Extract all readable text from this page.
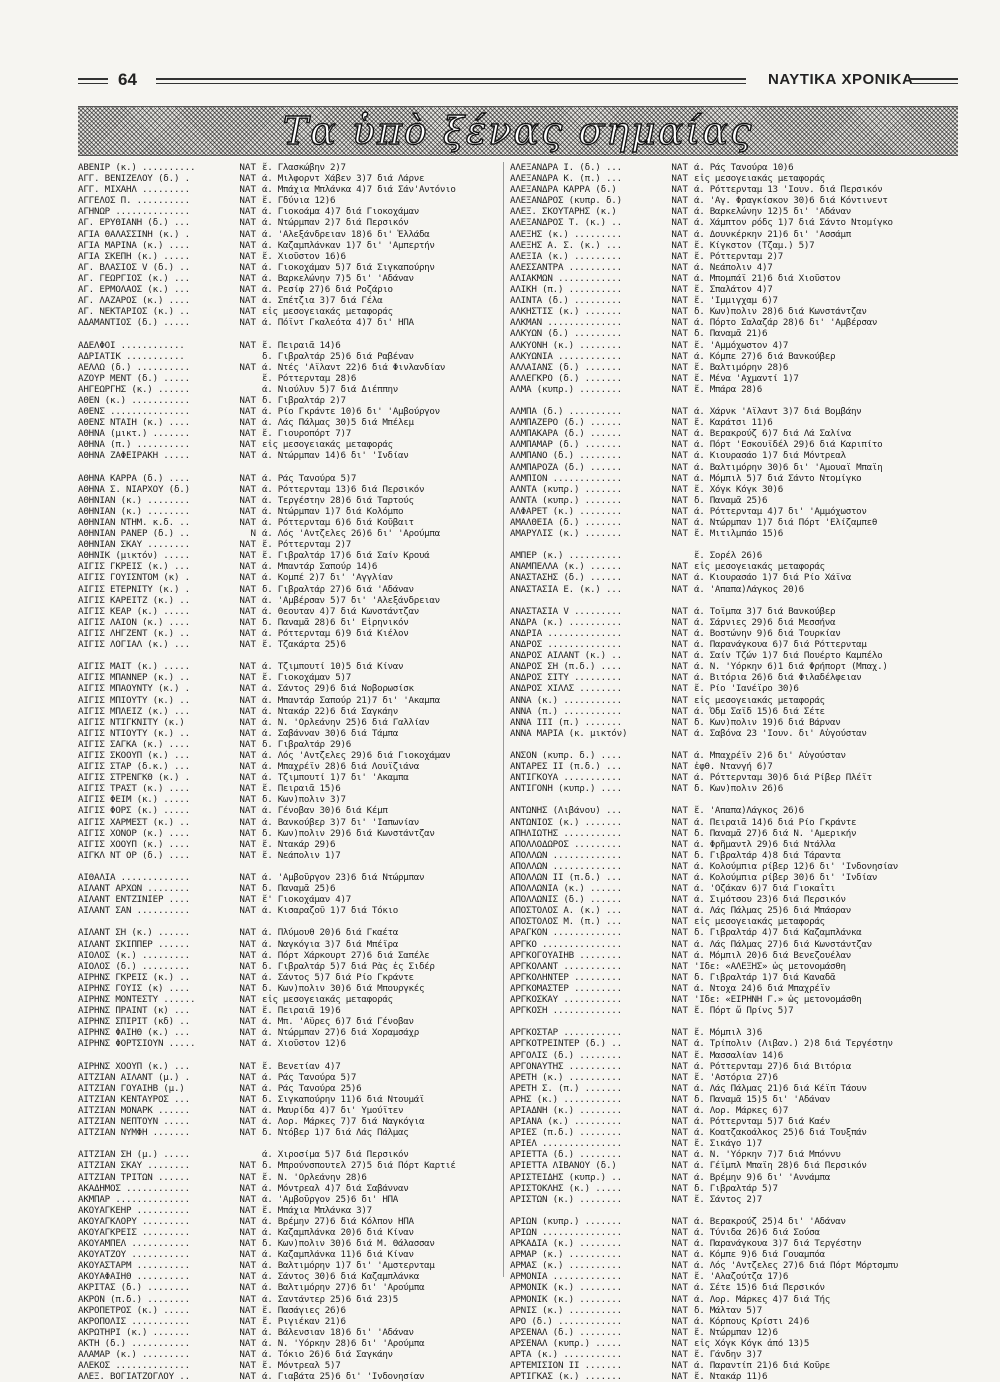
64	ΝΑΥΤΙΚΑ ΧΡΟΝΙΚΑ
Τα ὑπὸ ξένας σημαίας
ΑΒΕΝΙΡ (κ.) ..........	ΝΑΤ ἔ. Γλασκώβην 2)7
ΑΓΓ. ΒΕΝΙΖΕΛΟΥ (δ.) .	ΝΑΤ ά. Μιλφορντ Χάβεν 3)7 διά Λάρνε
ΑΓΓ. ΜΙΧΑΗΛ .........	ΝΑΤ ά. Μπάχια Μπλάνκα 4)7 διά Σάν'Αντόνιο
ΑΓΓΕΛΟΣ Π. ..........	ΝΑΤ ἔ. Γδύνια 12)6
ΑΓΗΝΩΡ ..............	ΝΑΤ ά. Γιοκοάμα 4)7 διά Γιοκοχάμαν
ΑΓ. ΕΡΥΘΙΑΝΗ (δ.) ...	ΝΑΤ ά. Ντώρμπαν 2)7 διά Περσικόν
ΑΓΙΑ ΘΑΛΑΣΣΙΝΗ (κ.) .	ΝΑΤ ά. 'Αλεξάνδρειαν 18)6 δι' Ἑλλάδα
ΑΓΙΑ ΜΑΡΙΝΑ (κ.) ....	ΝΑΤ ά. Καζαμπλάνκαν 1)7 δι' 'Αμπερτήν
ΑΓΙΑ ΣΚΕΠΗ (κ.) .....	ΝΑΤ ἔ. Χιοῦστον 16)6
ΑΓ. ΒΛΑΣΙΟΣ V (δ.) ..	ΝΑΤ ά. Γιοκοχάμαν 5)7 διά Σιγκαπούρην
ΑΓ. ΓΕΩΡΓΙΟΣ (κ.) ...	ΝΑΤ ά. Βαρκελώνην 7)5 δι' 'Αδάναν
ΑΓ. ΕΡΜΟΛΑΟΣ (κ.) ...	ΝΑΤ ά. Ρεσίφ 27)6 διά Ροζάριο
ΑΓ. ΛΑΖΑΡΟΣ (κ.) ....	ΝΑΤ ά. Σπέτζια 3)7 διά Γέλα
ΑΓ. ΝΕΚΤΑΡΙΟΣ (κ.) ..	ΝΑΤ εἰς μεσογειακάς μεταφοράς
ΑΔΑΜΑΝΤΙΟΣ (δ.) .....	ΝΑΤ ά. Πόϊντ Γκαλεότα 4)7 δι' ΗΠΑ
ΑΔΕΛΦΟΙ ............	ΝΑΤ ἔ. Πειραιᾶ 14)6
ΑΔΡΙΑΤΙΚ ...........	δ. Γιβραλτάρ 25)6 διά Ραβέναν
ΑΕΛΛΩ (δ.) ..........	ΝΑΤ ά. Ντές 'Αϊλαντ 22)6 διά Φινλανδίαν
ΑΖΟΥΡ ΜΕΝΤ (δ.) .....	ἔ. Ρόττερνταμ 28)6
ΑΗΓΕΩΡΓΗΣ (κ.) ......	ά. Νιούλυν 5)7 διά Διέππην
ΑΘΕΝ (κ.) ...........	ΝΑΤ δ. Γιβραλτάρ 2)7
ΑΘΕΝΣ ...............	ΝΑΤ ά. Ρίο Γκράντε 10)6 δι' 'Αμβούργον
ΑΘΕΝΣ ΝΤΑΙΗ (κ.) ....	ΝΑΤ ά. Λάς Πάλμας 30)5 διά Μπέλεμ
ΑΘΗΝΑ (μικτ.) .......	ΝΑΤ ἔ. Γιουροπόρτ 7)7
ΑΘΗΝΑ (π.) ..........	ΝΑΤ εἰς μεσογειακάς μεταφοράς
ΑΘΗΝΑ ΖΑΦΕΙΡΑΚΗ .....	ΝΑΤ ά. Ντώρμπαν 14)6 δι' 'Ινδίαν
ΑΘΗΝΑ ΚΑΡΡΑ (δ.) ....	ΝΑΤ ά. Ράς Τανούρα 5)7
ΑΘΗΝΑ Σ. ΝΙΑΡΧΟΥ (δ.)	ΝΑΤ ά. Ρόττερνταμ 13)6 διά Περσικόν
ΑΘΗΝΙΑΝ (κ.) ........	ΝΑΤ ά. Τεργέστην 28)6 διά Ταρτούς
ΑΘΗΝΙΑΝ (κ.) ........	ΝΑΤ ά. Ντώρμπαν 1)7 διά Κολόμπο
ΑΘΗΝΙΑΝ ΝΤΗΜ. κ.δ. ..	ΝΑΤ ά. Ρόττερνταμ 6)6 διά Κοῦβαιτ
ΑΘΗΝΙΑΝ ΡΑΝΕΡ (δ.) ..	Ν ά. Λός 'Αντζελες 26)6 δι' 'Αρούμπα
ΑΘΗΝΙΑΝ ΣΚΑΥ ........	ΝΑΤ ἔ. Ρόττερνταμ 2)7
ΑΘΗΝΙΚ (μικτόν) .....	ΝΑΤ ἔ. Γιβραλτάρ 17)6 διά Σαίν Κρουά
ΑΙΓΙΣ ΓΚΡΕΙΣ (κ.) ...	ΝΑΤ ά. Μπαντάρ Σαπούρ 14)6
ΑΙΓΙΣ ΓΟΥΙΣΝΤΟΜ (κ) .	ΝΑΤ ά. Κομπέ 2)7 δι' 'Αγγλίαν
ΑΙΓΙΣ ΕΤΕΡΝΙΤΥ (κ.) .	ΝΑΤ δ. Γιβραλτάρ 27)6 διά 'Αδάναν
ΑΙΓΙΣ ΚΑΡΕΙΤΖ (κ.) ..	ΝΑΤ ά. 'Αμβέρσαν 5)7 δι' 'Αλεξάνδρειαν
ΑΙΓΙΣ ΚΕΑΡ (κ.) .....	ΝΑΤ ά. Θεουταν 4)7 διά Κωνστάντζαν
ΑΙΓΙΣ ΛΑΙΟΝ (κ.) ....	ΝΑΤ δ. Παναμᾶ 28)6 δι' Εἰρηνικόν
ΑΙΓΙΣ ΛΗΓΖΕΝΤ (κ.) ..	ΝΑΤ ά. Ρόττερνταμ 6)9 διά Κιέλον
ΑΙΓΙΣ ΛΟΓΙΑΛ (κ.) ...	ΝΑΤ ἔ. Τζακάρτα 25)6
ΑΙΓΙΣ ΜΑΙΤ (κ.) .....	ΝΑΤ ά. Τζιμπουτί 10)5 διά Κίναν
ΑΙΓΙΣ ΜΠΑΝΝΕΡ (κ.) ..	ΝΑΤ ἔ. Γιοκοχάμαν 5)7
ΑΙΓΙΣ ΜΠΑΟΥΝΤΥ (κ.) .	ΝΑΤ ά. Σάντος 29)6 διά Νοβορωσίσκ
ΑΙΓΙΣ ΜΠΙΟΥΤΥ (κ.) ..	ΝΑΤ ά. Μπαντάρ Σαπούρ 21)7 δι' 'Ακαμπα
ΑΙΓΙΣ ΜΠΛΕΙΖ (κ.) ...	ΝΑΤ ά. Ντακάρ 22)6 διά Σαγκάην
ΑΙΓΙΣ ΝΤΙΓΚΝΙΤΥ (κ.)	ΝΑΤ ά. Ν. 'Ορλεάνην 25)6 διά Γαλλίαν
ΑΙΓΙΣ ΝΤΙΟΥΤΥ (κ.) ..	ΝΑΤ ά. Σαβάνναν 30)6 διά Τάμπα
ΑΙΓΙΣ ΣΑΓΚΑ (κ.) ....	ΝΑΤ δ. Γιβραλτάρ 29)6
ΑΙΓΙΣ ΣΚΟΟΥΠ (κ.) ...	ΝΑΤ ά. Λός 'Αντζελες 29)6 διά Γιοκοχάμαν
ΑΙΓΙΣ ΣΤΑΡ (δ.κ.) ...	ΝΑΤ ά. Μπαχρέϊν 28)6 διά Λουϊζιάνα
ΑΙΓΙΣ ΣΤΡΕΝΓΚΘ (κ.) .	ΝΑΤ ά. Τζιμπουτί 1)7 δι' 'Ακαμπα
ΑΙΓΙΣ ΤΡΑΣΤ (κ.) ....	ΝΑΤ ἔ. Πειραιᾶ 15)6
ΑΙΓΙΣ ΦΕΙΜ (κ.) .....	ΝΑΤ δ. Κων)πολιν 3)7
ΑΙΓΙΣ ΦΟΡΣ (κ.) .....	ΝΑΤ ά. Γένοβαν 30)6 διά Κέμπ
ΑΙΓΙΣ ΧΑΡΜΕΣΤ (κ.) ..	ΝΑΤ ά. Βανκούβερ 3)7 δι' 'Ιαπωνίαν
ΑΙΓΙΣ ΧΟΝΟΡ (κ.) ....	ΝΑΤ δ. Κων)πολιν 29)6 διά Κωνστάντζαν
ΑΙΓΙΣ ΧΟΟΥΠ (κ.) ....	ΝΑΤ ἔ. Ντακάρ 29)6
ΑΙΓΚΛ ΝΤ ΟΡ (δ.) ....	ΝΑΤ ἔ. Νεάπολιν 1)7
ΑΙΘΑΛΙΑ .............	ΝΑΤ ά. 'Αμβοῦργον 23)6 διά Ντώρμπαν
ΑΙΛΑΝΤ ΑΡΧΩΝ ........	ΝΑΤ δ. Παναμᾶ 25)6
ΑΙΛΑΝΤ ΕΝΤΖΙΝΙΕΡ ....	ΝΑΤ ἔ' Γιοκοχάμαν 4)7
ΑΙΛΑΝΤ ΣΑΝ ..........	ΝΑΤ ά. Κισαραζοῦ 1)7 διά Τόκιο
ΑΙΛΑΝΤ ΣΗ (κ.) ......	ΝΑΤ ά. Πλύμουθ 20)6 διά Γκαέτα
ΑΙΛΑΝΤ ΣΚΙΠΠΕΡ ......	ΝΑΤ ά. Ναγκόγια 3)7 διά Μπέϊρα
ΑΙΟΛΟΣ (κ.) .........	ΝΑΤ ά. Πόρτ Χάρκουρτ 27)6 διά Σαπέλε
ΑΙΟΛΟΣ (δ.) .........	ΝΑΤ δ. Γιβραλτάρ 5)7 διά Ρὰς ἐς Σιδέρ
ΑΙΡΗΝΣ ΓΚΡΕΙΣ (κ.) ..	ΝΑΤ ά. Σάντος 5)7 διά Ρίο Γκράντε
ΑΙΡΗΝΣ ΓΟΥΙΣ (κ) ....	ΝΑΤ δ. Κων)πολιν 30)6 διά Μπουργκές
ΑΙΡΗΝΣ ΜΟΝΤΕΣΤΥ ......	ΝΑΤ εἰς μεσογειακάς μεταφοράς
ΑΙΡΗΝΣ ΠΡΑΙΝΤ (κ) ...	ΝΑΤ ἔ. Πειραιᾶ 19)6
ΑΙΡΗΝΣ ΣΠΙΡΙΤ (κδ) ..	ΝΑΤ ά. Μπ. 'Αϋρες 6)7 διά Γένοβαν
ΑΙΡΗΝΣ ΦΑΙΗΘ (κ.) ...	ΝΑΤ ά. Ντώρμπαν 27)6 διά Χοραμσάχρ
ΑΙΡΗΝΣ ΦΟΡΤΣΙΟΥΝ .....	ΝΑΤ ά. Χιοῦστον 12)6
ΑΙΡΗΝΣ ΧΟΟΥΠ (κ.) ...	ΝΑΤ ἔ. Βενετίαν 4)7
ΑΙΤΖΙΑΝ ΑΙΛΑΝΤ (μ.) .	ΝΑΤ ά. Ράς Τανούρα 5)7
ΑΙΤΖΙΑΝ ΓΟΥΑΙΗΒ (μ.)	ΝΑΤ ά. Ράς Τανούρα 25)6
ΑΙΤΖΙΑΝ ΚΕΝΤΑΥΡΟΣ ...	ΝΑΤ δ. Σιγκαπούρην 11)6 διά Ντουμάϊ
ΑΙΤΖΙΑΝ ΜΟΝΑΡΚ ......	ΝΑΤ ά. Μαυρίδα 4)7 δι' Υμούϊτεν
ΑΙΤΖΙΑΝ ΝΕΠΤΟΥΝ .....	ΝΑΤ ά. Λορ. Μάρκες 7)7 διά Ναγκόγια
ΑΙΤΖΙΑΝ ΝΥΜΦΗ .......	ΝΑΤ δ. Ντόβερ 1)7 διά Λάς Πάλμας
ΑΙΤΖΙΑΝ ΣΗ (μ.) .....	ά. Χιροσίμα 5)7 διά Περσικόν
ΑΙΤΖΙΑΝ ΣΚΑΥ ........	ΝΑΤ δ. Μπρούνσπουτελ 27)5 διά Πόρτ Καρτιέ
ΑΙΤΖΙΑΝ ΤΡΙΤΩΝ ......	ΝΑΤ ἔ. Ν. 'Ορλεάνην 28)6
ΑΚΑΔΗΜΟΣ ............	ΝΑΤ ά. Μόντρεαλ 4)7 διά Σαβάνναν
ΑΚΜΠΑΡ ..............	ΝΑΤ ά. 'Αμβοῦργον 25)6 δι' ΗΠΑ
ΑΚΟΥΑΓΚΕΗΡ ..........	ΝΑΤ ἔ. Μπάχια Μπλάνκα 3)7
ΑΚΟΥΑΓΚΛΟΡΥ .........	ΝΑΤ ά. Βρέμην 27)6 διά Κόλπον ΗΠΑ
ΑΚΟΥΑΓΚΡΕΙΣ .........	ΝΑΤ ά. Καζαμπλάνκα 20)6 διά Κίναν
ΑΚΟΥΑΜΠΕΛ ...........	ΝΑΤ δ. Κων)πολιν 30)6 διά Μ. Θάλασσαν
ΑΚΟΥΑΤΖΟΥ ...........	ΝΑΤ ά. Καζαμπλάνκα 11)6 διά Κίναν
ΑΚΟΥΑΣΤΑΡΜ ..........	ΝΑΤ ά. Βαλτιμόρην 1)7 δι' 'Αμστερνταμ
ΑΚΟΥΑΦΑΙΗΘ ..........	ΝΑΤ ά. Σάντος 30)6 διά Καζαμπλάνκα
ΑΚΡΙΤΑΣ (δ.) ........	ΝΑΤ ά. Βαλτιμόρην 27)6 δι' 'Αρούμπα
ΑΚΡΟΝ (π.δ.) ........	ΝΑΤ ά. Σαντάντερ 25)6 διά 23)5
ΑΚΡΟΠΕΤΡΟΣ (κ.) .....	ΝΑΤ ἔ. Πασάγιες 26)6
ΑΚΡΟΠΟΛΙΣ ...........	ΝΑΤ ἔ. Ριγιέκαν 21)6
ΑΚΡΩΤΗΡΙ (κ.) .......	ΝΑΤ ά. Βάλενσιαν 18)6 δι' 'Αδάναν
ΑΚΤΗ (δ.) ...........	ΝΑΤ ά. Ν. 'Υόρκην 28)6 δι' 'Αρούμπα
ΑΛΑΜΑΡ (κ.) .........	ΝΑΤ ά. Τόκιο 26)6 διά Σαγκάην
ΑΛΕΚΟΣ ..............	ΝΑΤ ἔ. Μόντρεαλ 5)7
ΑΛΕΞ. ΒΟΓΙΑΤΖΟΓΛΟΥ ..	ΝΑΤ ά. Γιαβάτα 25)6 δι' 'Ινδονησίαν
ΑΛΕΞΑΝΔΡΑ Ι. (δ.) ...	ΝΑΤ ά. Ράς Τανούρα 10)6
ΑΛΕΞΑΝΔΡΑ Κ. (π.) ...	ΝΑΤ εἰς μεσογειακάς μεταφοράς
ΑΛΕΞΑΝΔΡΑ ΚΑΡΡΑ (δ.)	ΝΑΤ ά. Ρόττερνταμ 13 'Ιουν. διά Περσικόν
ΑΛΕΞΑΝΔΡΟΣ (κυπρ. δ.)	ΝΑΤ ά. 'Αγ. Φραγκίσκον 30)6 διά Κόντινεντ
ΑΛΕΞ. ΣΚΟΥΤΑΡΗΣ (κ.)	ΝΑΤ ά. Βαρκελώνην 12)5 δι' 'Αδάναν
ΑΛΕΞΑΝΔΡΟΣ Τ. (κ.) ..	ΝΑΤ ά. Χάμπτον ρόδς 1)7 διά Σάντο Ντομίγκο
ΑΛΕΞΗΣ (κ.) .........	ΝΑΤ ά. Δουνκέρκην 21)6 δι' 'Ασσάμπ
ΑΛΕΞΗΣ Α. Σ. (κ.) ...	ΝΑΤ ἔ. Κίγκστον (Τζαμ.) 5)7
ΑΛΕΞΙΑ (κ.) .........	ΝΑΤ ἔ. Ρόττερνταμ 2)7
ΑΛΕΣΣΑΝΤΡΑ ..........	ΝΑΤ ά. Νεάπολιν 4)7
ΑΛΙΑΚΜΩΝ ............	ΝΑΤ ά. Μπομπάϊ 21)6 διά Χιοῦστον
ΑΛΙΚΗ (π.) ..........	ΝΑΤ ἔ. Σπαλάτον 4)7
ΑΛΙΝΤΑ (δ.) .........	ΝΑΤ ἔ. 'Ιμμιγχαμ 6)7
ΑΛΚΗΣΤΙΣ (κ.) .......	ΝΑΤ δ. Κων)πολιν 28)6 διά Κωνστάντζαν
ΑΛΚΜΑΝ ..............	ΝΑΤ ά. Πόρτο Σαλαζάρ 28)6 δι' 'Αμβέρσαν
ΑΛΚΥΩΝ (δ.) .........	ΝΑΤ δ. Παναμᾶ 21)6
ΑΛΚΥΟΝΗ (κ.) ........	ΝΑΤ ἔ. 'Αμμόχωστον 4)7
ΑΛΚΥΩΝΙΑ ............	ΝΑΤ ά. Κόμπε 27)6 διά Βανκούβερ
ΑΛΛΑΙΑΝΣ (δ.) .......	ΝΑΤ ἔ. Βαλτιμόρην 28)6
ΑΛΛΕΓΚΡΟ (δ.) .......	ΝΑΤ ἔ. Μένα 'Αχμαντί 1)7
ΑΛΜΑ (κυπρ.) ........	ΝΑΤ ἔ. Μπάρα 28)6
ΑΛΜΠΑ (δ.) ..........	ΝΑΤ ά. Χάρνκ 'Αϊλαντ 3)7 διά Βομβάην
ΑΛΜΠΑΖΕΡΟ (δ.) ......	ΝΑΤ ἔ. Καράτσι 11)6
ΑΛΜΠΑΚΑΡΑ (δ.) ......	ΝΑΤ ά. Βερακρούζ 6)7 διά Λά Σαλίνα
ΑΛΜΠΑΜΑΡ (δ.) .......	ΝΑΤ ά. Πόρτ 'Εσκουϊδέλ 29)6 διά Καριπίτο
ΑΛΜΠΑΝΟ (δ.) ........	ΝΑΤ ά. Κιουρασάο 1)7 διά Μόντρεαλ
ΑΛΜΠΑΡΟΖΑ (δ.) ......	ΝΑΤ ά. Βαλτιμόρην 30)6 δι' 'Αμουαϊ Μπαϊη
ΑΛΜΠΙΟΝ .............	ΝΑΤ ά. Μόμπιλ 5)7 διά Σάντο Ντομίγκο
ΑΛΝΤΑ (κυπρ.) .......	ΝΑΤ ἔ. Χόγκ Κόγκ 30)6
ΑΛΝΤΑ (κυπρ.) .......	ΝΑΤ δ. Παναμᾶ 25)6
ΑΛΦΑΡΕΤ (κ.) ........	ΝΑΤ ά. Ρόττερνταμ 4)7 δι' 'Αμμόχωστον
ΑΜΑΛΘΕΙΑ (δ.) .......	ΝΑΤ ά. Ντώρμπαν 1)7 διά Πόρτ 'Ελίζαμπεθ
ΑΜΑΡΥΛΙΣ (κ.) .......	ΝΑΤ ἔ. Μιτιλμπάο 15)6
ΑΜΠΕΡ (κ.) ..........	ἔ. Σορέλ 26)6
ΑΝΑΜΠΕΛΛΑ (κ.) ......	ΝΑΤ εἰς μεσογειακάς μεταφοράς
ΑΝΑΣΤΑΣΗΣ (δ.) ......	ΝΑΤ ά. Κιουρασάο 1)7 διά Ρίο Χάϊνα
ΑΝΑΣΤΑΣΙΑ Ε. (κ.) ...	ΝΑΤ ά. 'Απαπα)Λάγκος 20)6
ΑΝΑΣΤΑΣΙΑ V .........	ΝΑΤ ά. Τοϊμπα 3)7 διά Βανκούβερ
ΑΝΔΡΑ (κ.) ..........	ΝΑΤ ά. Σάρνιες 29)6 διά Μεσσήνα
ΑΝΔΡΙΑ ..............	ΝΑΤ ά. Βοστώνην 9)6 διά Τουρκίαν
ΑΝΔΡΟΣ ..............	ΝΑΤ ά. Παρανάγκουα 6)7 διά Ρόττερνταμ
ΑΝΔΡΟΣ ΑΙΛΑΝΤ (κ.) ..	ΝΑΤ ά. Σαίν Τζών 1)7 διά Πουέρτο Καμπέλο
ΑΝΔΡΟΣ ΣΗ (π.δ.) ....	ΝΑΤ ά. Ν. 'Υόρκην 6)1 διά Φρήπορτ (Μπαχ.)
ΑΝΔΡΟΣ ΣΙΤΥ .........	ΝΑΤ ά. Βιτόρια 26)6 διά Φιλαδέλφειαν
ΑΝΔΡΟΣ ΧΙΛΛΣ ........	ΝΑΤ ἔ. Ρίο 'Ιανέϊρο 30)6
ΑΝΝΑ (κ.) ...........	ΝΑΤ εἰς μεσογειακάς μεταφοράς
ΑΝΝΑ (π.) ...........	ΝΑΤ ά. Ὀδμ Σαϊδ 15)6 διά Σέτε
ΑΝΝΑ ΙΙΙ (π.) .......	ΝΑΤ δ. Κων)πολιν 19)6 διά Βάρναν
ΑΝΝΑ ΜΑΡΙΑ (κ. μικτόν)	ΝΑΤ ά. Σαβόνα 23 'Ιουν. δι' Αὐγούσταν
ΑΝΣΟΝ (κυπρ. δ.) ....	ΝΑΤ ά. Μπαχρέϊν 2)6 δι' Αὐγούσταν
ΑΝΤΑΡΕΣ ΙΙ (π.δ.) ...	ΝΑΤ ἐφθ. Ντανγή 6)7
ΑΝΤΙΓΚΟΥΑ ...........	ΝΑΤ ά. Ρόττερνταμ 30)6 διά Ρίβερ Πλέϊτ
ΑΝΤΙΓΟΝΗ (κυπρ.) ....	ΝΑΤ δ. Κων)πολιν 26)6
ΑΝΤΩΝΗΣ (Λιβάνου) ...	ΝΑΤ ἔ. 'Απαπα)Λάγκος 26)6
ΑΝΤΩΝΙΟΣ (κ.) .......	ΝΑΤ ά. Πειραιᾶ 14)6 διά Ρίο Γκράντε
ΑΠΗΛΙΩΤΗΣ ...........	ΝΑΤ δ. Παναμᾶ 27)6 διά Ν. 'Αμερικήν
ΑΠΟΛΛΟΔΩΡΟΣ .........	ΝΑΤ ά. Φρῆμαντλ 29)6 διά Ντάλλα
ΑΠΟΛΛΩΝ .............	ΝΑΤ δ. Γιβραλτάρ 4)8 διά Τάραντα
ΑΠΟΛΛΩΝ .............	ΝΑΤ ά. Κολούμπια ρίβερ 12)6 δι' 'Ινδονησίαν
ΑΠΟΛΛΩΝ ΙΙ (π.δ.) ...	ΝΑΤ ά. Κολούμπια ρίβερ 30)6 δι' 'Ινδίαν
ΑΠΟΛΛΩΝΙΑ (κ.) ......	ΝΑΤ ά. 'Οζάκαν 6)7 διά Γιοκαΐτι
ΑΠΟΛΛΩΝΙΣ (δ.) ......	ΝΑΤ ά. Σιμότσου 23)6 διά Περσικόν
ΑΠΟΣΤΟΛΟΣ Α. (κ.) ...	ΝΑΤ ά. Λάς Πάλμας 25)6 διά Μπάσραν
ΑΠΟΣΤΟΛΟΣ Μ. (π.) ...	ΝΑΤ εἰς μεσογειακάς μεταφοράς
ΑΡΑΓΚΟΝ .............	ΝΑΤ δ. Γιβραλτάρ 4)7 διά Καζαμπλάνκα
ΑΡΓΚΟ ...............	ΝΑΤ ά. Λάς Πάλμας 27)6 διά Κωνστάντζαν
ΑΡΓΚΟΓΟΥΑΙΗΒ ........	ΝΑΤ ά. Μόμπιλ 20)6 διά Βενεζουέλαν
ΑΡΓΚΟΛΑΝΤ ...........	ΝΑΤ 'Ιδε: «ΑΛΕΞΗΣ» ὡς μετονομάσθη
ΑΡΓΚΟΛΗΝΤΕΡ .........	ΝΑΤ δ. Γιβραλτάρ 1)7 διά Καναδᾶ
ΑΡΓΚΟΜΑΣΤΕΡ .........	ΝΑΤ ά. Ντοχα 24)6 διά Μπαχρέϊν
ΑΡΓΚΟΣΚΑΥ ...........	ΝΑΤ 'Ιδε: «ΕΙΡΗΝΗ Γ.» ὡς μετονομάσθη
ΑΡΓΚΟΣΗ .............	ΝΑΤ ἔ. Πόρτ ὤ Πρίνς 5)7
ΑΡΓΚΟΣΤΑΡ ...........	ΝΑΤ ἔ. Μόμπιλ 3)6
ΑΡΓΚΟΤΡΕΙΝΤΕΡ (δ.) ..	ΝΑΤ ά. Τρίπολιν (Λιβαν.) 2)8 διά Τεργέστην
ΑΡΓΟΛΙΣ (δ.) ........	ΝΑΤ ἔ. Μασσαλίαν 14)6
ΑΡΓΟΝΑΥΤΗΣ ..........	ΝΑΤ ά. Ρόττερνταμ 27)6 διά Βιτόρια
ΑΡΕΤΗ (κ.) ..........	ΝΑΤ ἔ. 'Αστόρια 27)6
ΑΡΕΤΗ Σ. (π.) .......	ΝΑΤ ά. Λάς Πάλμας 21)6 διά Κέϊπ Τάουν
ΑΡΗΣ (κ.) ...........	ΝΑΤ δ. Παναμᾶ 15)5 δι' 'Αδάναν
ΑΡΙΑΔΝΗ (κ.) ........	ΝΑΤ ά. Λορ. Μάρκες 6)7
ΑΡΙΑΝΑ (κ.) .........	ΝΑΤ ά. Ρόττερνταμ 5)7 διά Καέν
ΑΡΙΕΣ (π.δ.) ........	ΝΑΤ ά. Κοατζακοάλκος 25)6 διά Τουξπάν
ΑΡΙΕΛ ...............	ΝΑΤ ἔ. Σικάγο 1)7
ΑΡΙΕΤΤΑ (δ.) ........	ΝΑΤ ά. Ν. 'Υόρκην 7)7 διά Μπόννυ
ΑΡΙΕΤΤΑ ΛΙΒΑΝΟΥ (δ.)	ΝΑΤ ά. Γέϊμπλ Μπαϊη 28)6 διά Περσικόν
ΑΡΙΣΤΕΙΔΗΣ (κυπρ.) ..	ΝΑΤ ά. Βρέμην 9)6 δι' 'Αννάμπα
ΑΡΙΣΤΟΚΛΗΣ (κ.) .....	ΝΑΤ δ. Γιβραλτάρ 5)7
ΑΡΙΣΤΩΝ (κ.) ........	ΝΑΤ ἔ. Σάντος 2)7
ΑΡΙΩΝ (κυπρ.) .......	ΝΑΤ ά. Βερακρούζ 25)4 δι' 'Αδάναν
ΑΡΙΩΝ ...............	ΝΑΤ ά. Τύνιδα 26)6 διά Σούσα
ΑΡΚΑΔΙΑ (κ.) ........	ΝΑΤ ά. Παρανάγκουα 3)7 διά Τεργέστην
ΑΡΜΑΡ (κ.) ..........	ΝΑΤ ά. Κόμπε 9)6 διά Γουαμπόα
ΑΡΜΑΣ (κ.) ..........	ΝΑΤ ά. Λός 'Αντζελες 27)6 διά Πόρτ Μόρτσμπυ
ΑΡΜΟΝΙΑ .............	ΝΑΤ ἔ. 'Αλαζούτζα 17)6
ΑΡΜΟΝΙΚ (κ.) ........	ΝΑΤ ά. Σέτε 15)6 διά Περσικόν
ΑΡΜΟΝΙΚ (κ.) ........	ΝΑΤ ά. Λορ. Μάρκες 4)7 διά Τής
ΑΡΝΙΣ (κ.) ..........	ΝΑΤ δ. Μάλταν 5)7
ΑΡΟ (δ.) ............	ΝΑΤ ά. Κόρπους Κρίστι 24)6
ΑΡΣΕΝΑΛ (δ.) ........	ΝΑΤ ἔ. Ντώρμπαν 12)6
ΑΡΣΕΝΑΛ (κυπρ.) .....	ΝΑΤ εἰς Χόγκ Κόγκ ἀπό 13)5
ΑΡΤΑ (κ.) ...........	ΝΑΤ ἔ. Γάνδην 3)7
ΑΡΤΕΜΙΣΙΟΝ ΙΙ .......	ΝΑΤ ά. Παραντίπ 21)6 διά Κοῦρε
ΑΡΤΙΓΚΑΣ (κ.) .......	ΝΑΤ ἔ. Ντακάρ 11)6
